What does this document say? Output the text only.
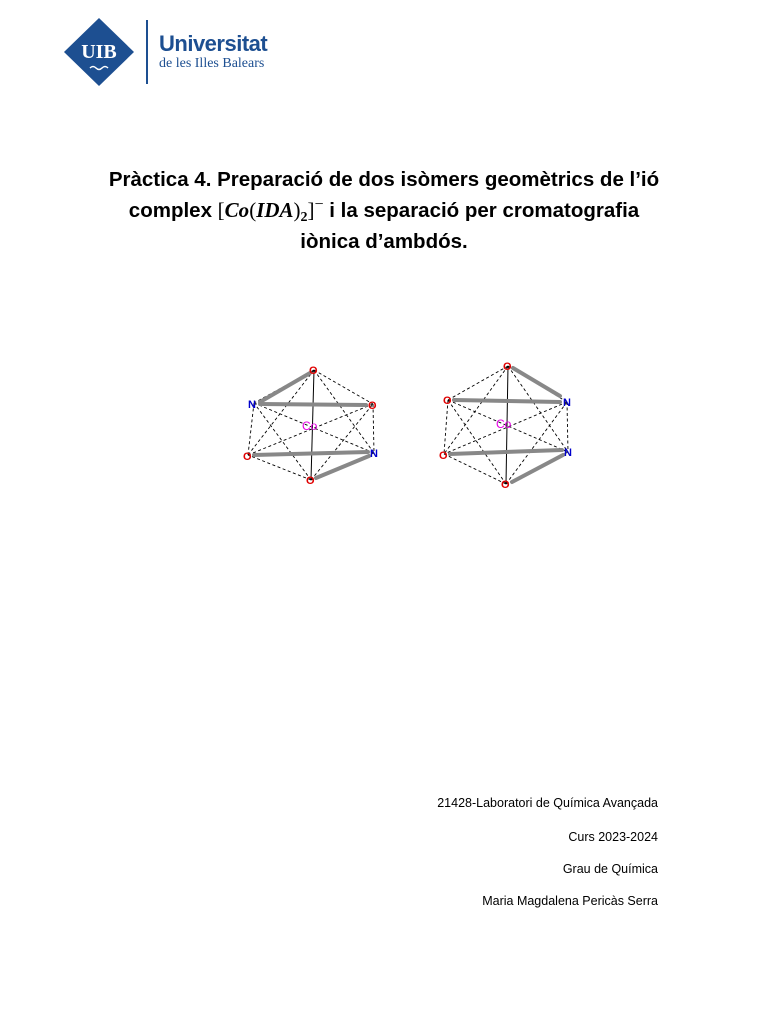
UIB Universitat
de les Illes Balears
Pràctica 4. Preparació de dos isòmers geomètrics de l’ió
complex $[Co(IDA)_2]^-$ i la separació per cromatografia
iònica d’ambdós.
O
N	O
O	N
O
Co
O
O	N
O	N
O
Co
21428-Laboratori de Química Avançada
Curs 2023-2024
Grau de Química
Maria Magdalena Pericàs Serra
